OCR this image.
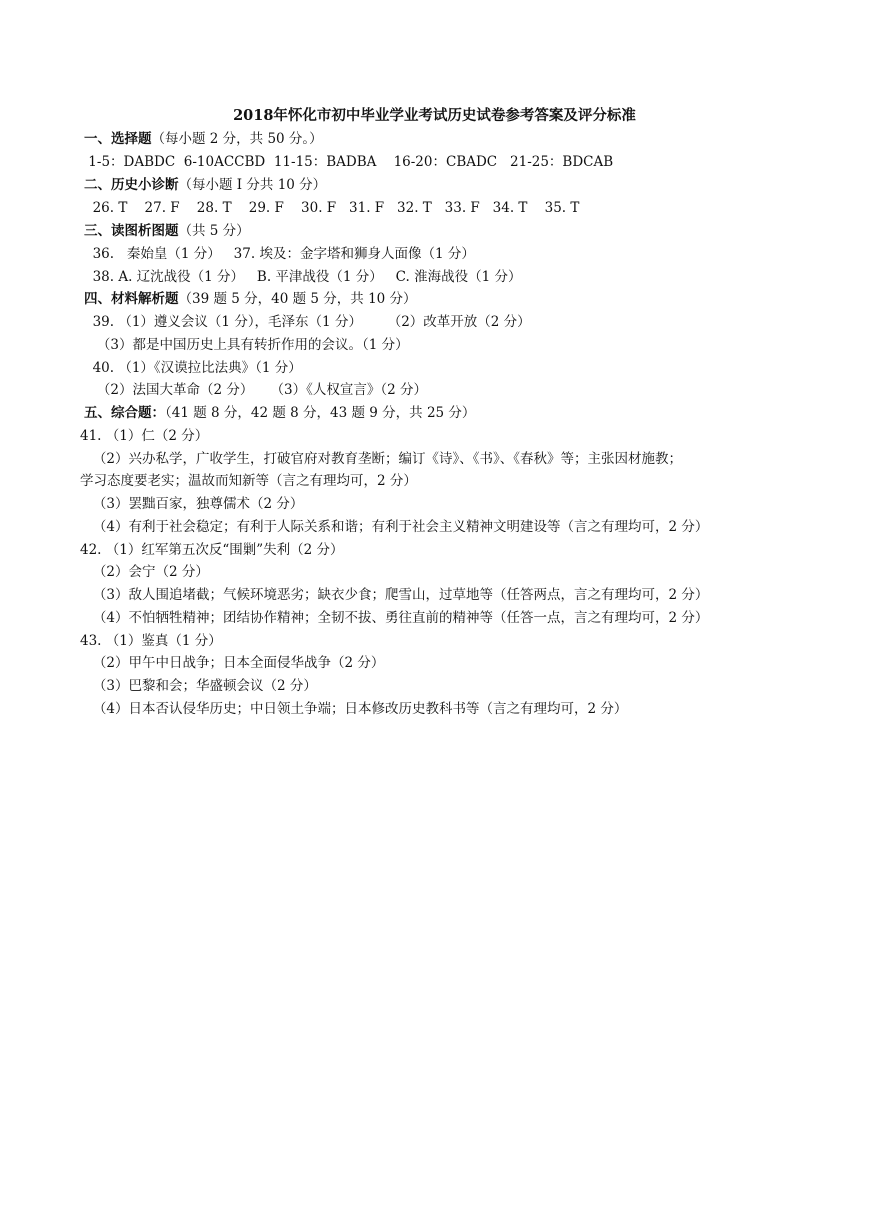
2018年怀化市初中毕业学业考试历史试卷参考答案及评分标准
一、选择题（每小题 2 分，共 50 分。）
1-5：DABDC  6-10ACCBD  11-15：BADBA    16-20：CBADC   21-25：BDCAB
二、历史小诊断（每小题 I 分共 10 分）
26. T    27. F    28. T    29. F    30. F   31. F   32. T   33. F   34. T    35. T
三、读图析图题（共 5 分）
36.   秦始皇（1 分）   37. 埃及：金字塔和狮身人面像（1 分）
38. A. 辽沈战役（1 分）   B. 平津战役（1 分）   C. 淮海战役（1 分）
四、材料解析题（39 题 5 分，40 题 5 分，共 10 分）
39. （1）遵义会议（1 分），毛泽东（1 分）      （2）改革开放（2 分）
（3）都是中国历史上具有转折作用的会议。（1 分）
40. （1）《汉谟拉比法典》（1 分）
（2）法国大革命（2 分）    （3）《人权宣言》（2 分）
五、综合题：（41 题 8 分，42 题 8 分，43 题 9 分，共 25 分）
41. （1）仁（2 分）
（2）兴办私学，广收学生，打破官府对教育垄断；编订《诗》、《书》、《春秋》等；主张因材施教；
学习态度要老实；温故而知新等（言之有理均可，2 分）
（3）罢黜百家，独尊儒术（2 分）
（4）有利于社会稳定；有利于人际关系和谐；有利于社会主义精神文明建设等（言之有理均可，2 分）
42. （1）红军第五次反“围剿”失利（2 分）
（2）会宁（2 分）
（3）敌人围追堵截；气候环境恶劣；缺衣少食；爬雪山，过草地等（任答两点，言之有理均可，2 分）
（4）不怕牺牲精神；团结协作精神；全韧不拔、勇往直前的精神等（任答一点，言之有理均可，2 分）
43. （1）鉴真（1 分）
（2）甲午中日战争；日本全面侵华战争（2 分）
（3）巴黎和会；华盛顿会议（2 分）
（4）日本否认侵华历史；中日领土争端；日本修改历史教科书等（言之有理均可，2 分）
